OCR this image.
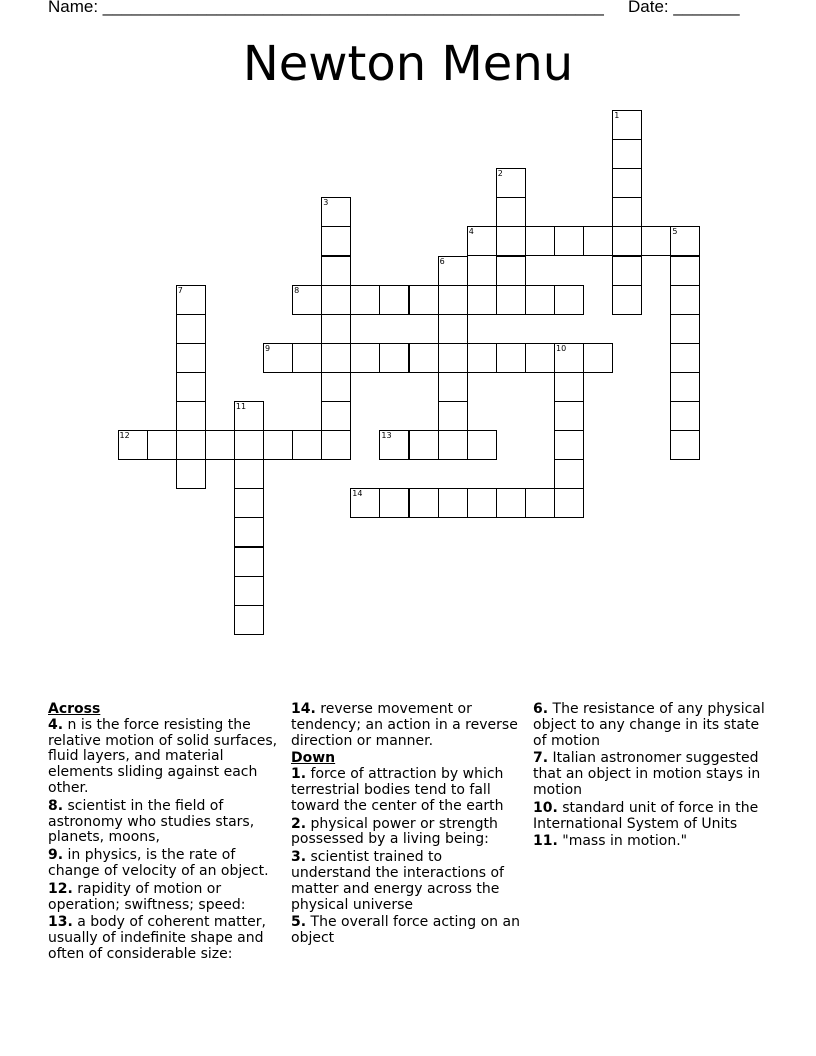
Name: _____________________________________________________ Date: _______
Newton Menu
1
2
3
4	5
6
7	8
9	10
11
12	13
14
Across
4. n is the force resisting the relative motion of solid surfaces, fluid layers, and material elements sliding against each other.
8. scientist in the field of astronomy who studies stars, planets, moons,
9. in physics, is the rate of change of velocity of an object.
12. rapidity of motion or operation; swiftness; speed:
13. a body of coherent matter, usually of indefinite shape and often of considerable size:
14. reverse movement or tendency; an action in a reverse direction or manner.
Down
1. force of attraction by which terrestrial bodies tend to fall toward the center of the earth
2. physical power or strength possessed by a living being:
3. scientist trained to understand the interactions of matter and energy across the physical universe
5. The overall force acting on an object
6. The resistance of any physical object to any change in its state of motion
7. Italian astronomer suggested that an object in motion stays in motion
10. standard unit of force in the International System of Units
11. "mass in motion."
